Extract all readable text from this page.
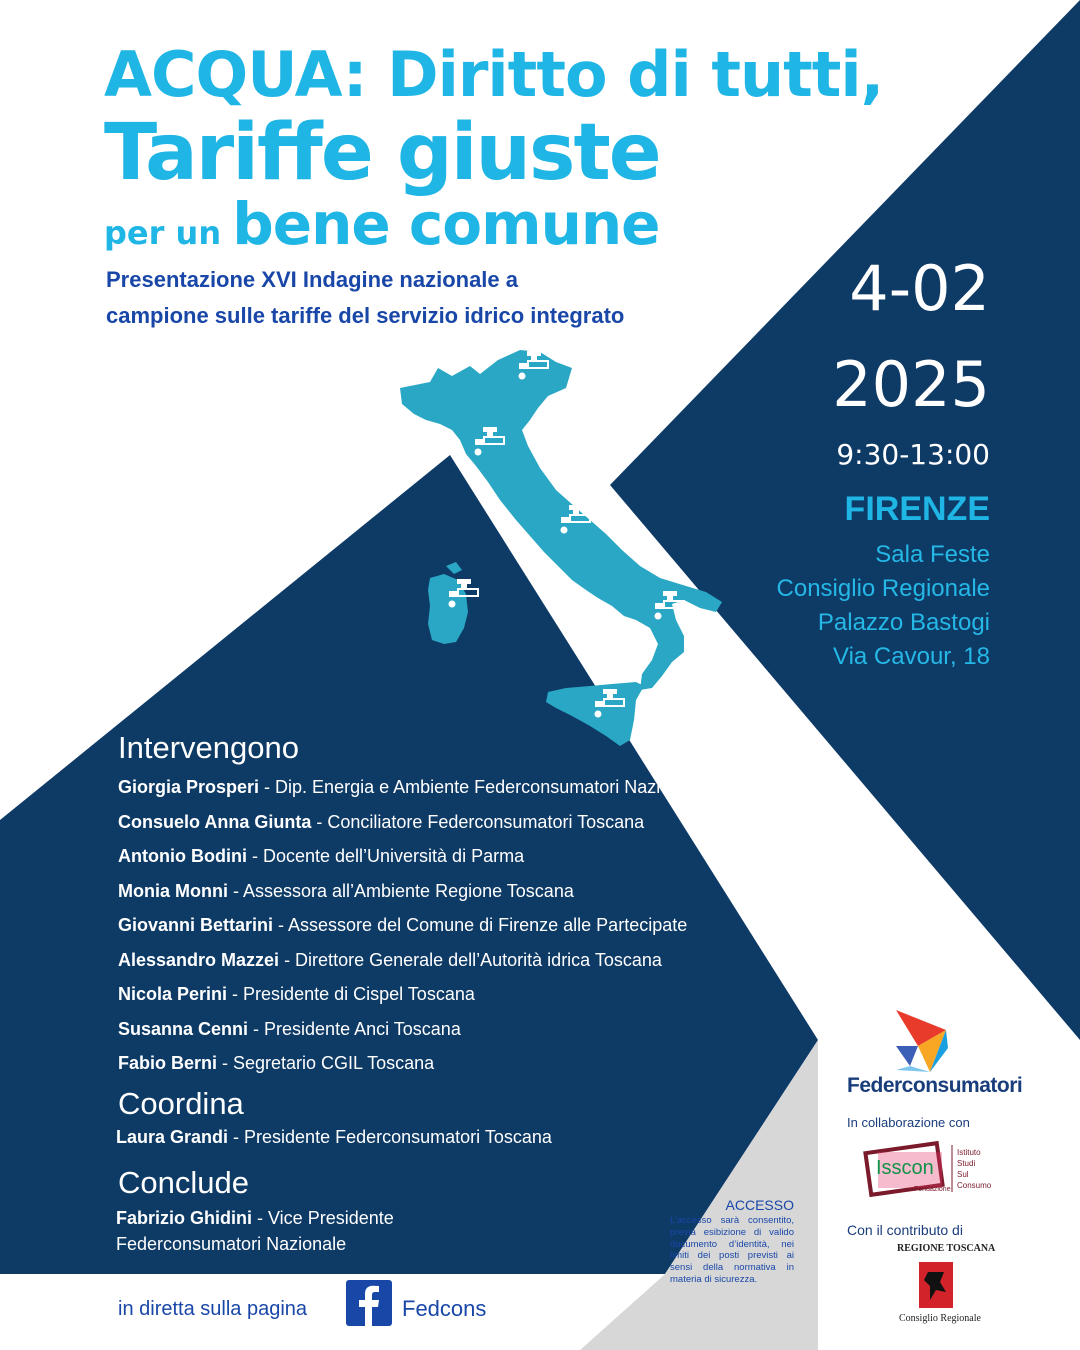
ACQUA: Diritto di tutti,
Tariffe giuste
per un bene comune
Presentazione XVI Indagine nazionale a campione sulle tariffe del servizio idrico integrato	4-02
2025
9:30-13:00
FIRENZE
Sala Feste
Consiglio Regionale
Palazzo Bastogi
Via Cavour, 18
Intervengono
Giorgia Prosperi - Dip. Energia e Ambiente Federconsumatori Nazionale
Consuelo Anna Giunta - Conciliatore Federconsumatori Toscana
Antonio Bodini - Docente dell’Università di Parma
Monia Monni - Assessora all’Ambiente Regione Toscana
Giovanni Bettarini - Assessore del Comune di Firenze alle Partecipate
Alessandro Mazzei - Direttore Generale dell’Autorità idrica Toscana
Nicola Perini - Presidente di Cispel Toscana
Susanna Cenni - Presidente Anci Toscana
Fabio Berni - Segretario CGIL Toscana
Coordina
Laura Grandi - Presidente Federconsumatori Toscana
Conclude
Fabrizio Ghidini - Vice Presidente
Federconsumatori Nazionale
in diretta sulla pagina	Fedcons
ACCESSO
L’accesso sarà consentito, previa esibizione di valido documento d’identità, nei limiti dei posti previsti ai sensi della normativa in materia di sicurezza.
Federconsumatori
In collaborazione con
Isscon
Fondazione
Istituto
Studi
Sul
Consumo
Con il contributo di
REGIONE TOSCANA
Consiglio Regionale
